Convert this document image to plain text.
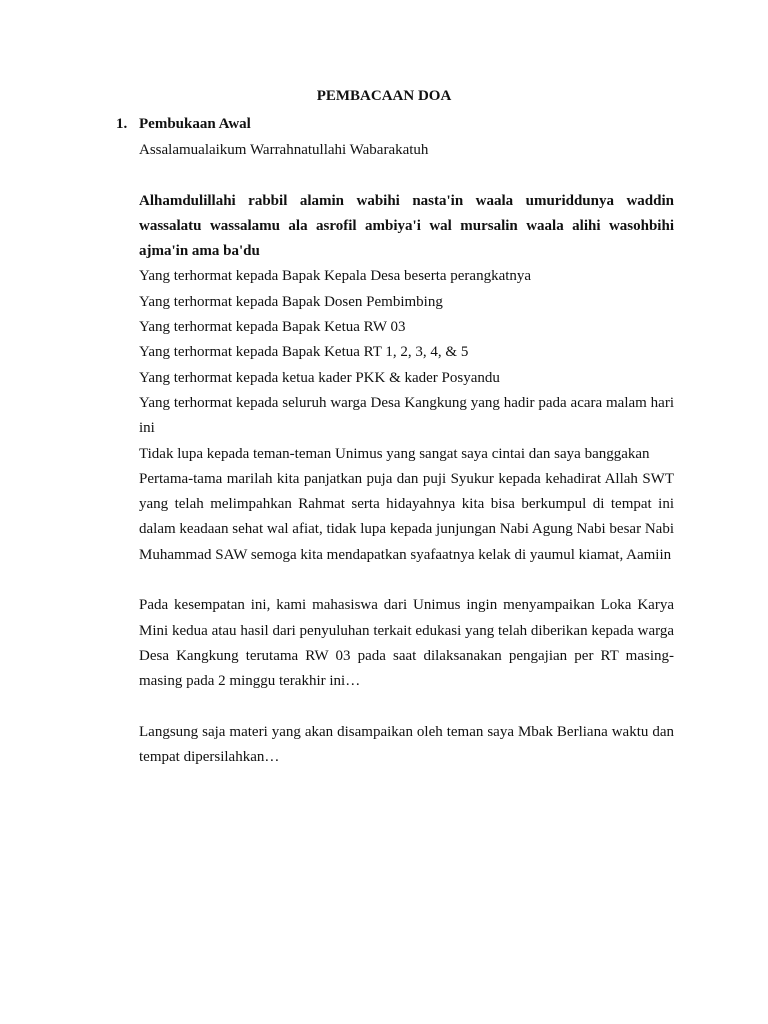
PEMBACAAN DOA
1. Pembukaan Awal

Assalamualaikum Warrahnatullahi Wabarakatuh

Alhamdulillahi rabbil alamin wabihi nasta'in waala umuriddunya waddin wassalatu wassalamu ala asrofil ambiya'i wal mursalin waala alihi wasohbihi ajma'in ama ba'du

Yang terhormat kepada Bapak Kepala Desa beserta perangkatnya

Yang terhormat kepada Bapak Dosen Pembimbing

Yang terhormat kepada Bapak Ketua RW 03

Yang terhormat kepada Bapak Ketua RT 1, 2, 3, 4, & 5

Yang terhormat kepada ketua kader PKK & kader Posyandu

Yang terhormat kepada seluruh warga Desa Kangkung yang hadir pada acara malam hari ini

Tidak lupa kepada teman-teman Unimus yang sangat saya cintai dan saya banggakan

Pertama-tama marilah kita panjatkan puja dan puji Syukur kepada kehadirat Allah SWT yang telah melimpahkan Rahmat serta hidayahnya kita bisa berkumpul di tempat ini dalam keadaan sehat wal afiat, tidak lupa kepada junjungan Nabi Agung Nabi besar Nabi Muhammad SAW semoga kita mendapatkan syafaatnya kelak di yaumul kiamat, Aamiin

Pada kesempatan ini, kami mahasiswa dari Unimus ingin menyampaikan Loka Karya Mini kedua atau hasil dari penyuluhan terkait edukasi yang telah diberikan kepada warga Desa Kangkung terutama RW 03 pada saat dilaksanakan pengajian per RT masing-masing pada 2 minggu terakhir ini…

Langsung saja materi yang akan disampaikan oleh teman saya Mbak Berliana waktu dan tempat dipersilahkan…
